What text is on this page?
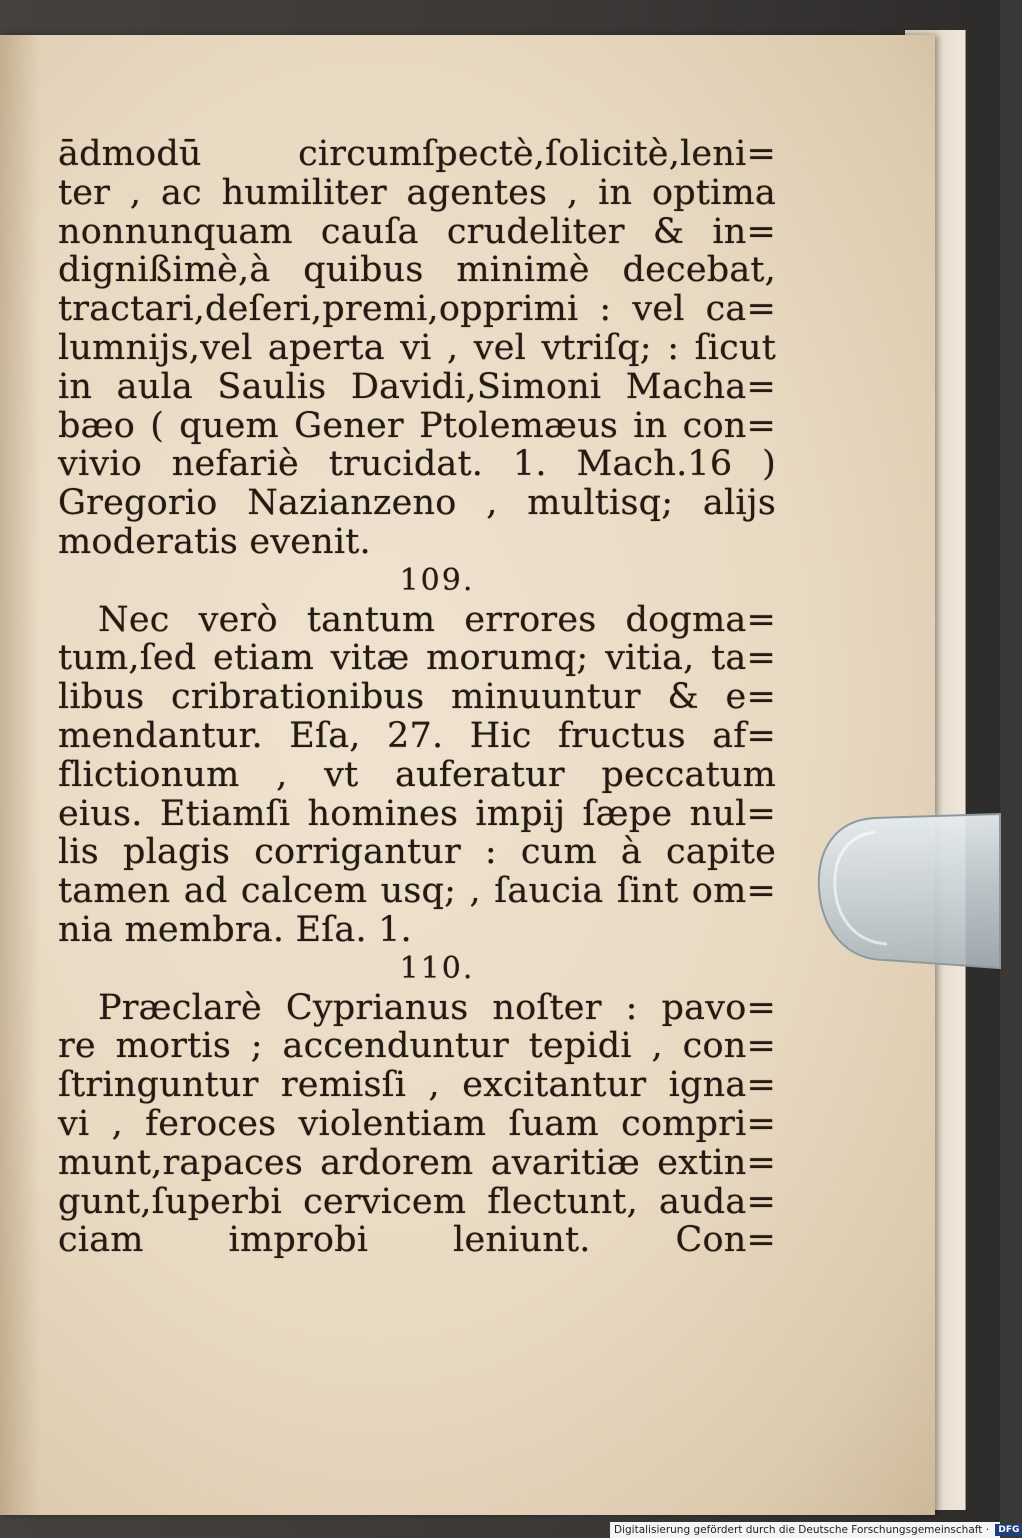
ādmodū circumſpectè,ſolicitè,leni=
ter , ac humiliter agentes , in optima
nonnunquam cauſa crudeliter & in=
dignißimè,à quibus minimè decebat,
tractari,deſeri,premi,opprimi : vel ca=
lumnijs,vel aperta vi , vel vtriſq; : ſicut
in aula Saulis Davidi,Simoni Macha=
bæo ( quem Gener Ptolemæus in con=
vivio nefariè trucidat. 1. Mach.16 )
Gregorio Nazianzeno , multisq; alijs
moderatis evenit.
109.
Nec verò tantum errores dogma=
tum,ſed etiam vitæ morumq; vitia, ta=
libus cribrationibus minuuntur & e=
mendantur. Eſa, 27. Hic fructus af=
flictionum , vt auferatur peccatum
eius. Etiamſi homines impij ſæpe nul=
lis plagis corrigantur : cum à capite
tamen ad calcem usq; , ſaucia ſint om=
nia membra. Eſa. 1.
110.
Præclarè Cyprianus noſter : pavo=
re mortis ; accenduntur tepidi , con=
ſtringuntur remisſi , excitantur igna=
vi , feroces violentiam ſuam compri=
munt,rapaces ardorem avaritiæ extin=
gunt,ſuperbi cervicem flectunt, auda=
ciam improbi leniunt. Con=
Digitalisierung gefördert durch die Deutsche Forschungsgemeinschaft · DFG
